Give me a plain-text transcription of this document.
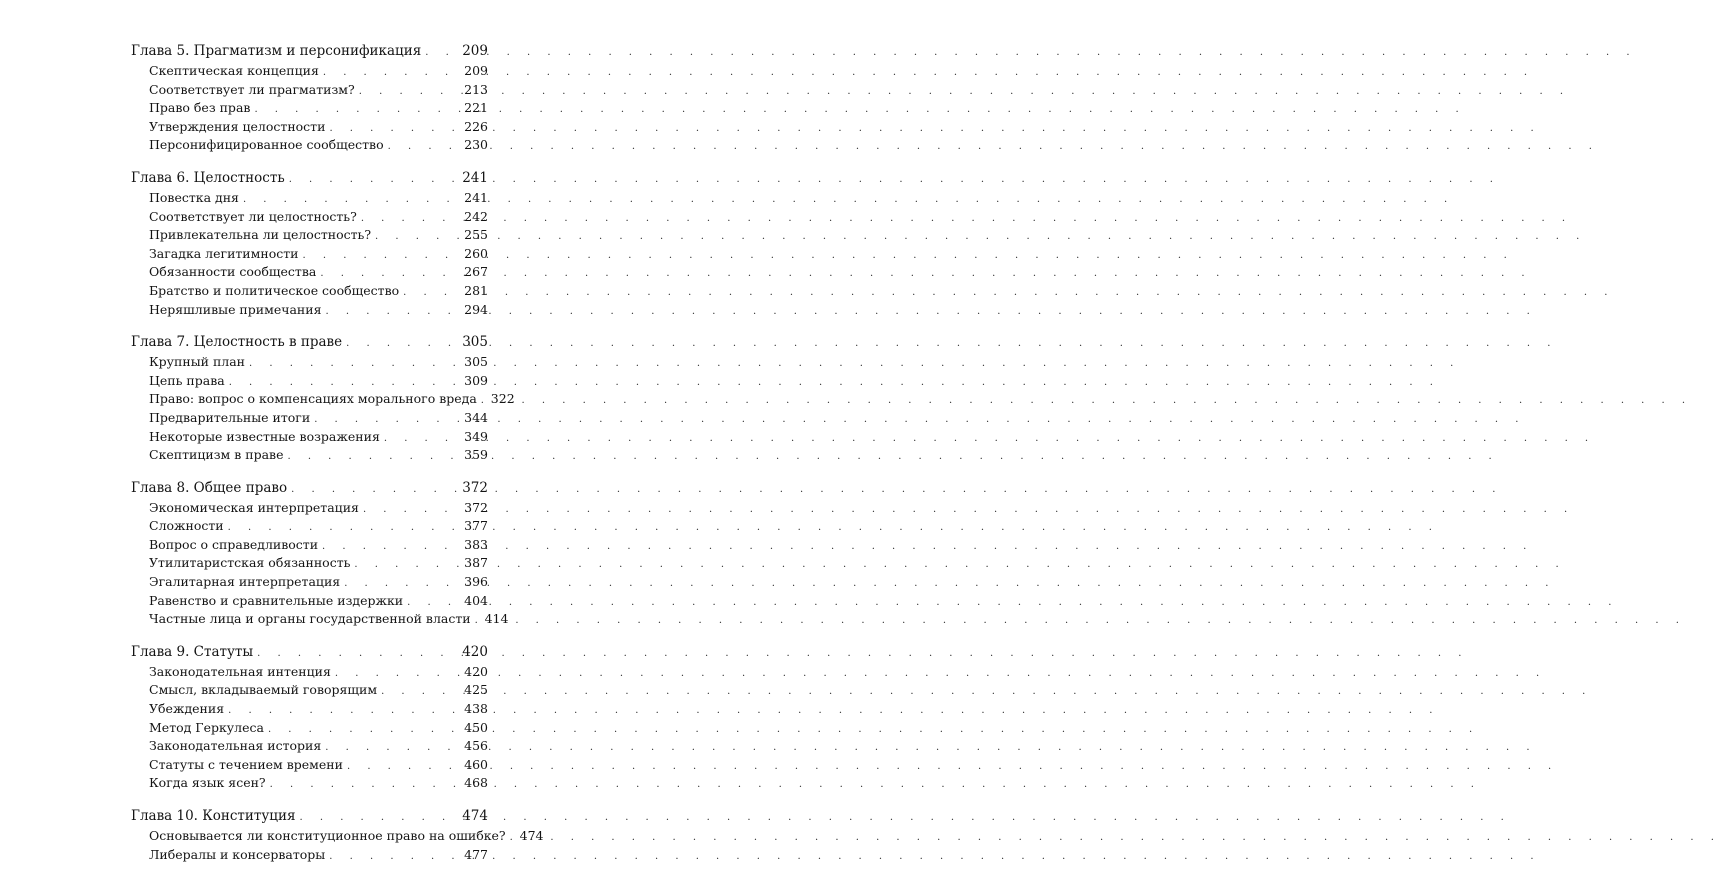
Глава 5. Прагматизм и персонификация . . .	209
Скептическая концепция . . .	209
Соответствует ли прагматизм? . . .	213
Право без прав . . .	221
Утверждения целостности . . .	226
Персонифицированное сообщество . . .	230
Глава 6. Целостность . . .	241
Повестка дня . . .	241
Соответствует ли целостность? . . .	242
Привлекательна ли целостность? . . .	255
Загадка легитимности . . .	260
Обязанности сообщества . . .	267
Братство и политическое сообщество . . .	281
Неряшливые примечания . . .	294
Глава 7. Целостность в праве . . .	305
Крупный план . . .	305
Цепь права . . .	309
Право: вопрос о компенсациях морального вреда . . . 322
Предварительные итоги . . .	344
Некоторые известные возражения . . .	349
Скептицизм в праве . . .	359
Глава 8. Общее право . . .	372
Экономическая интерпретация . . .	372
Сложности . . .	377
Вопрос о справедливости . . .	383
Утилитаристская обязанность . . .	387
Эгалитарная интерпретация . . .	396
Равенство и сравнительные издержки . . .	404
Частные лица и органы государственной власти . . . 414
Глава 9. Статуты . . .	420
Законодательная интенция . . .	420
Смысл, вкладываемый говорящим . . .	425
Убеждения . . .	438
Метод Геркулеса . . .	450
Законодательная история . . .	456
Статуты с течением времени . . .	460
Когда язык ясен? . . .	468
Глава 10. Конституция . . .	474
Основывается ли конституционное право на ошибке? . . . 474
Либералы и консерваторы . . .	477
